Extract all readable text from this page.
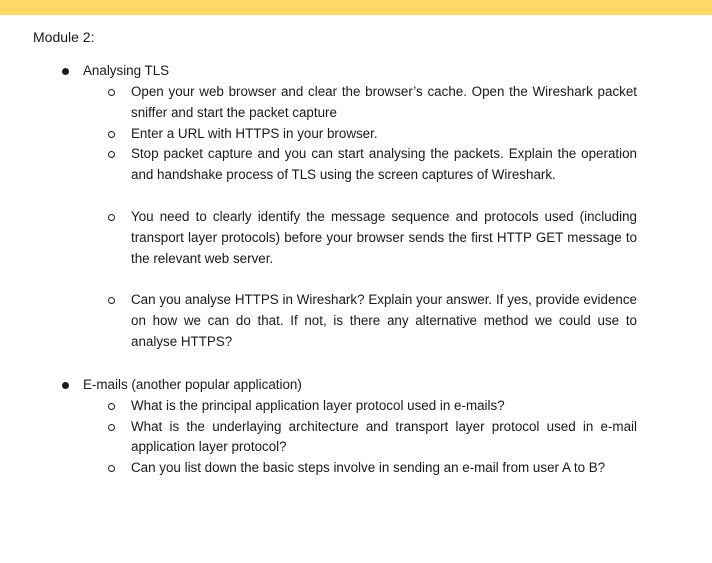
Module 2:
Analysing TLS
Open your web browser and clear the browser’s cache. Open the Wireshark packet sniffer and start the packet capture
Enter a URL with HTTPS in your browser.
Stop packet capture and you can start analysing the packets. Explain the operation and handshake process of TLS using the screen captures of Wireshark.
You need to clearly identify the message sequence and protocols used (including transport layer protocols) before your browser sends the first HTTP GET message to the relevant web server.
Can you analyse HTTPS in Wireshark? Explain your answer. If yes, provide evidence on how we can do that. If not, is there any alternative method we could use to analyse HTTPS?
E-mails (another popular application)
What is the principal application layer protocol used in e-mails?
What is the underlaying architecture and transport layer protocol used in e-mail application layer protocol?
Can you list down the basic steps involve in sending an e-mail from user A to B?
